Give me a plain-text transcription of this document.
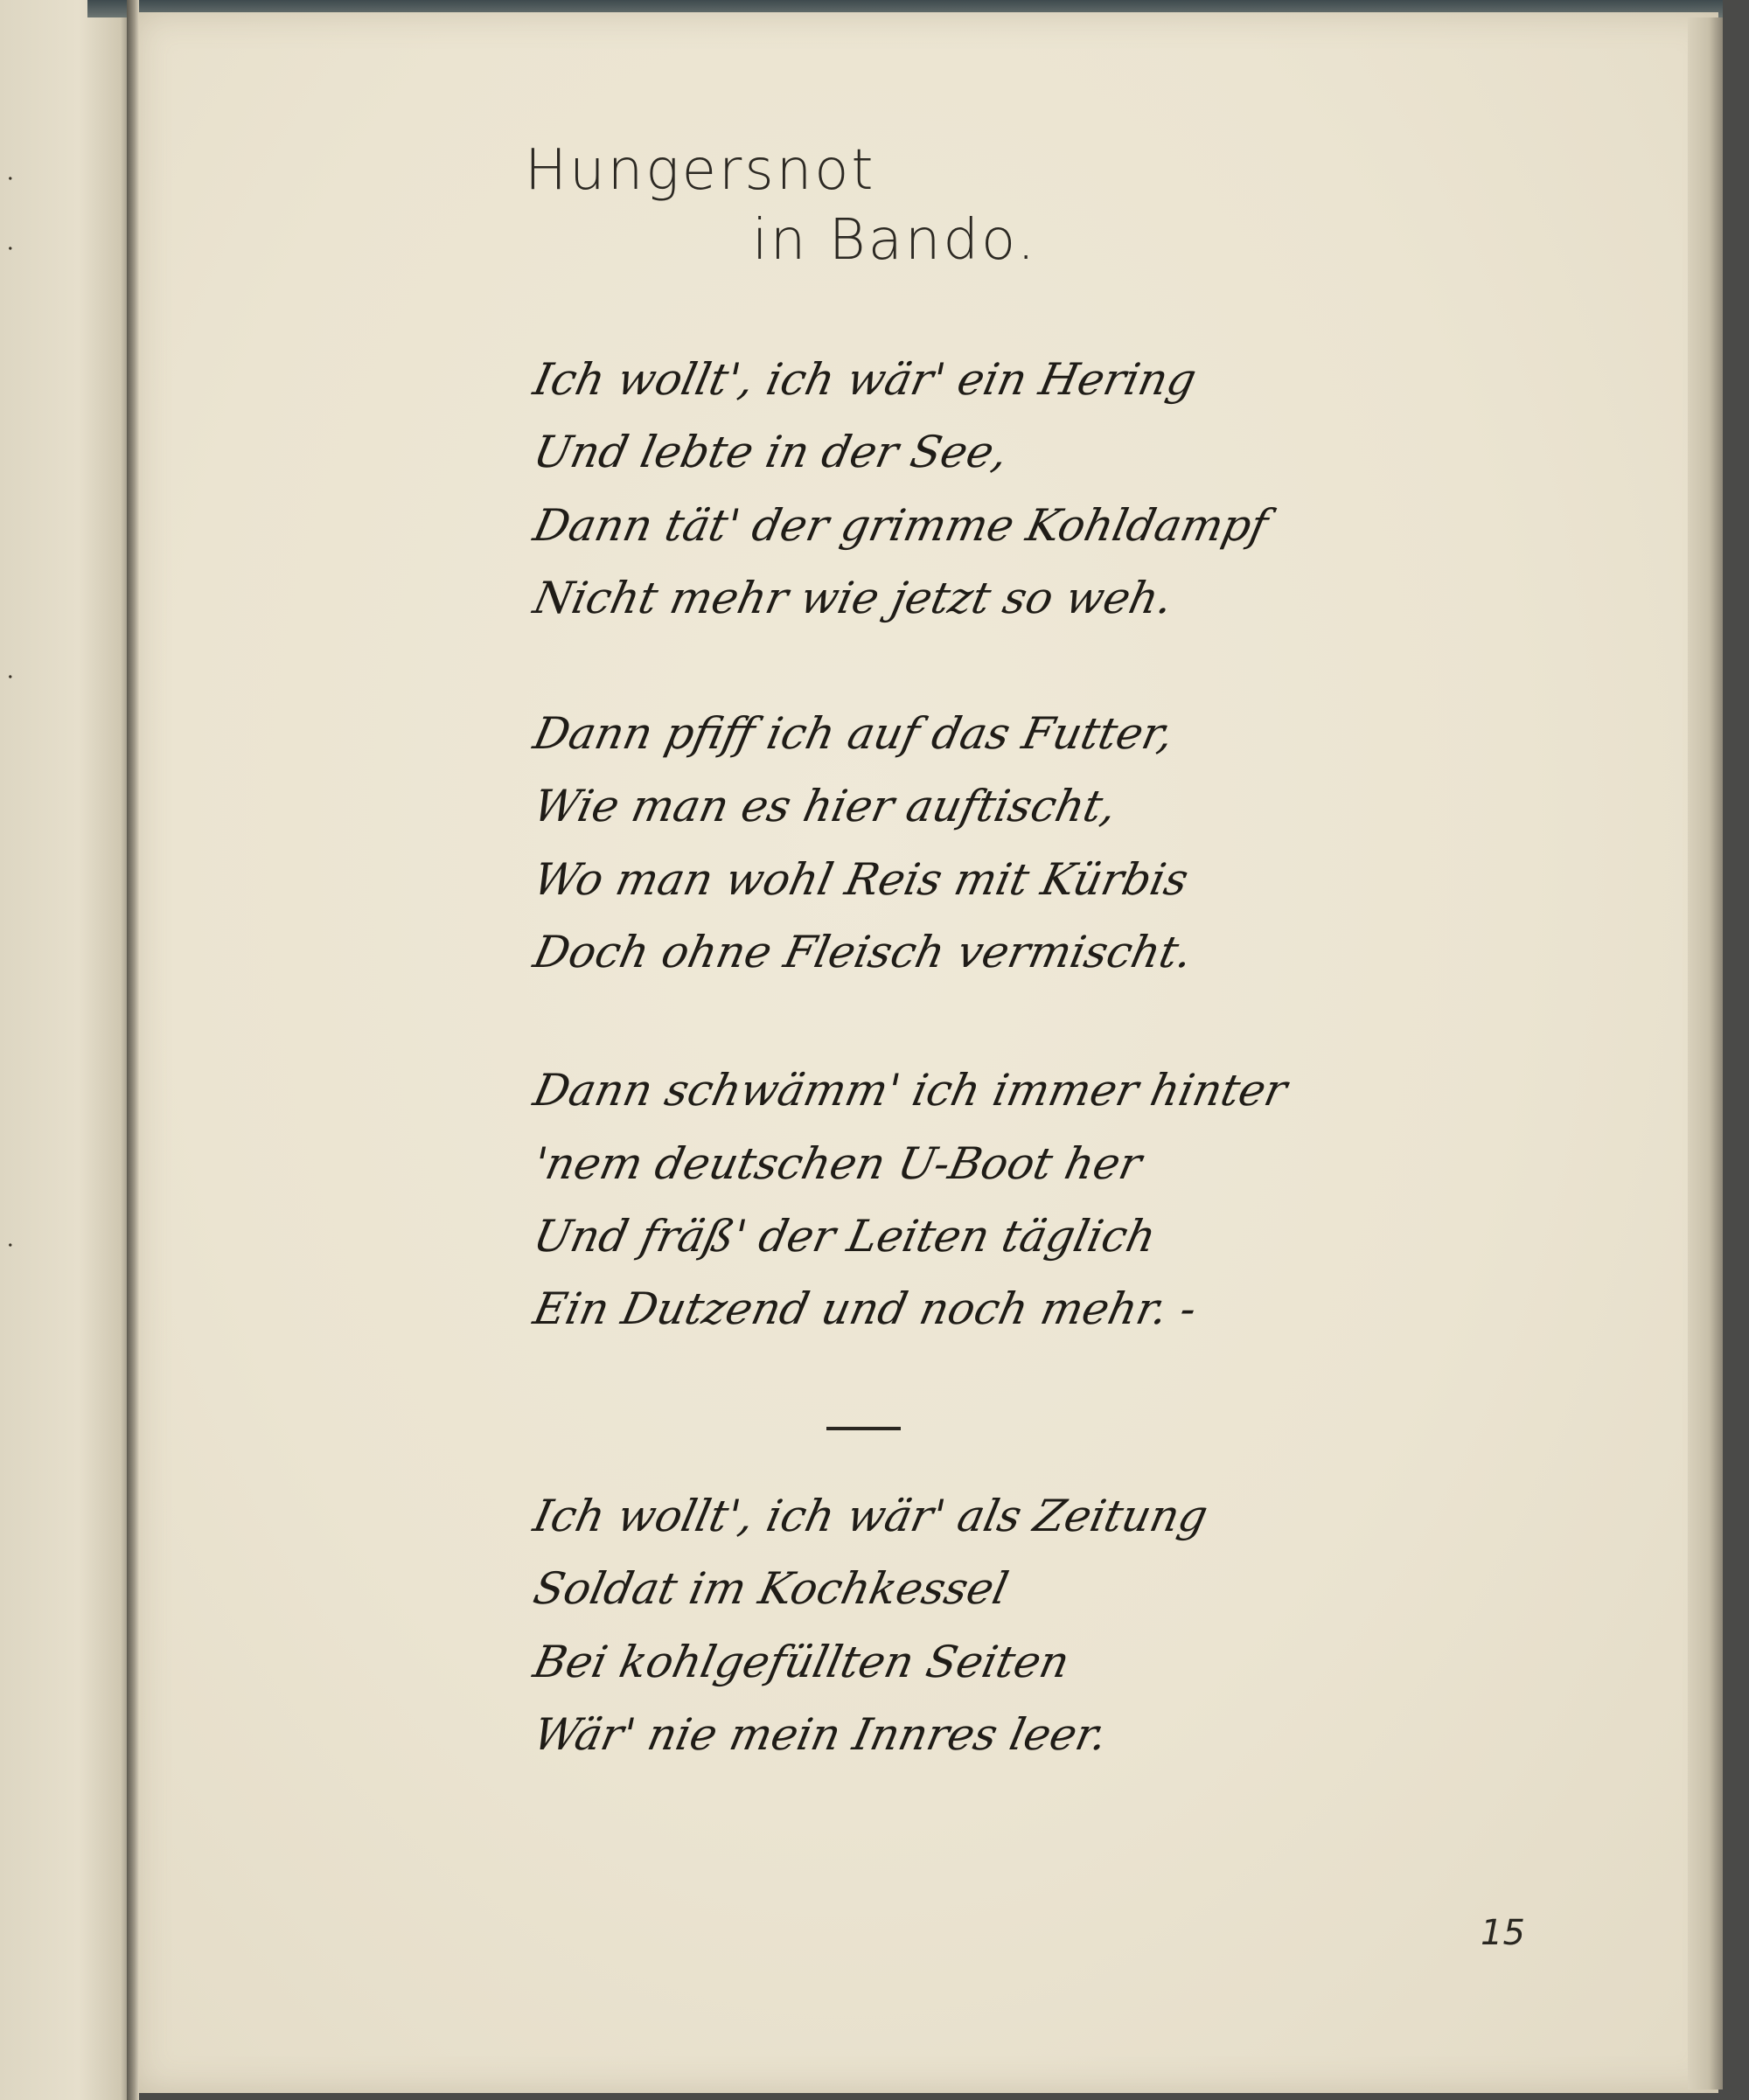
·
·
·
·
Hungersnot
in Bando.
Ich wollt', ich wär' ein Hering
Und lebte in der See,
Dann tät' der grimme Kohldampf
Nicht mehr wie jetzt so weh.
Dann pfiff ich auf das Futter,
Wie man es hier auftischt,
Wo man wohl Reis mit Kürbis
Doch ohne Fleisch vermischt.
Dann schwämm' ich immer hinter
'nem deutschen U-Boot her
Und fräß' der Leiten täglich
Ein Dutzend und noch mehr. -
Ich wollt', ich wär' als Zeitung
Soldat im Kochkessel
Bei kohlgefüllten Seiten
Wär' nie mein Innres leer.
15
